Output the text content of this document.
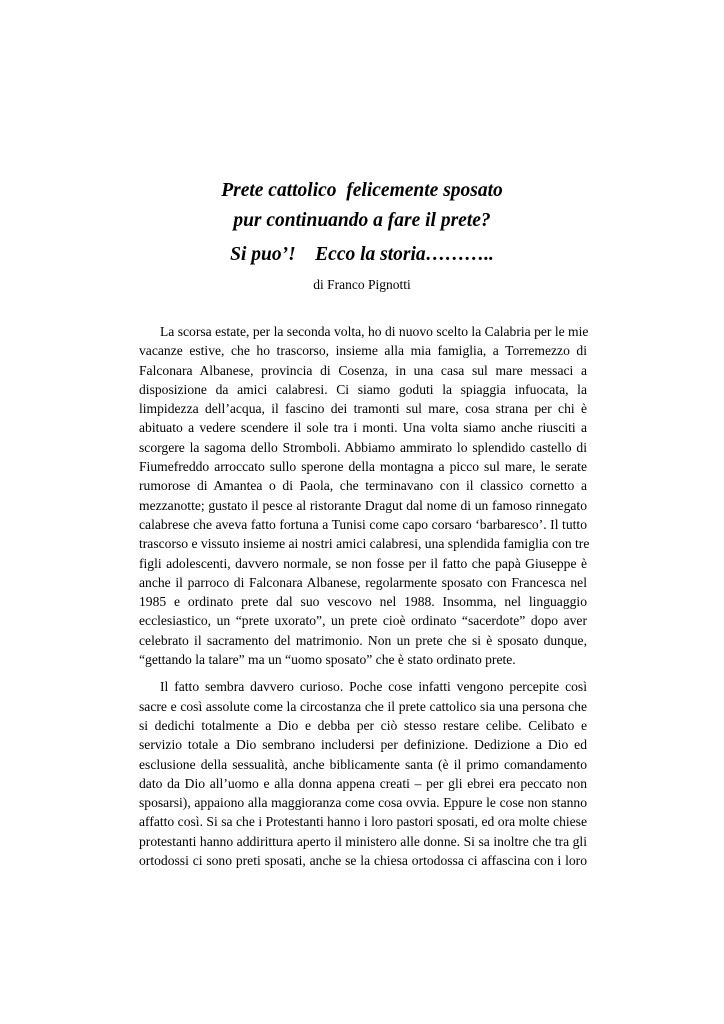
Prete cattolico  felicemente sposato
pur continuando a fare il prete?
Si puo’!    Ecco la storia………..
di Franco Pignotti
La scorsa estate, per la seconda volta, ho di nuovo scelto la Calabria per le mie
vacanze estive, che ho trascorso, insieme alla mia famiglia, a Torremezzo di
Falconara Albanese, provincia di Cosenza, in una casa sul mare messaci a
disposizione da amici calabresi. Ci siamo goduti la spiaggia infuocata, la
limpidezza dell’acqua, il fascino dei tramonti sul mare, cosa strana per chi è
abituato a vedere scendere il sole tra i monti. Una volta siamo anche riusciti a
scorgere la sagoma dello Stromboli. Abbiamo ammirato lo splendido castello di
Fiumefreddo arroccato sullo sperone della montagna a picco sul mare, le serate
rumorose di Amantea o di Paola, che terminavano con il classico cornetto a
mezzanotte; gustato il pesce al ristorante Dragut dal nome di un famoso rinnegato
calabrese che aveva fatto fortuna a Tunisi come capo corsaro ‘barbaresco’. Il tutto
trascorso e vissuto insieme ai nostri amici calabresi, una splendida famiglia con tre
figli adolescenti, davvero normale, se non fosse per il fatto che papà Giuseppe è
anche il parroco di Falconara Albanese, regolarmente sposato con Francesca nel
1985 e ordinato prete dal suo vescovo nel 1988. Insomma, nel linguaggio
ecclesiastico, un “prete uxorato”, un prete cioè ordinato “sacerdote” dopo aver
celebrato il sacramento del matrimonio. Non un prete che si è sposato dunque,
“gettando la talare” ma un “uomo sposato” che è stato ordinato prete.
Il fatto sembra davvero curioso. Poche cose infatti vengono percepite così
sacre e così assolute come la circostanza che il prete cattolico sia una persona che
si dedichi totalmente a Dio e debba per ciò stesso restare celibe. Celibato e
servizio totale a Dio sembrano includersi per definizione. Dedizione a Dio ed
esclusione della sessualità, anche biblicamente santa (è il primo comandamento
dato da Dio all’uomo e alla donna appena creati – per gli ebrei era peccato non
sposarsi), appaiono alla maggioranza come cosa ovvia. Eppure le cose non stanno
affatto così. Si sa che i Protestanti hanno i loro pastori sposati, ed ora molte chiese
protestanti hanno addirittura aperto il ministero alle donne. Si sa inoltre che tra gli
ortodossi ci sono preti sposati, anche se la chiesa ortodossa ci affascina con i loro
